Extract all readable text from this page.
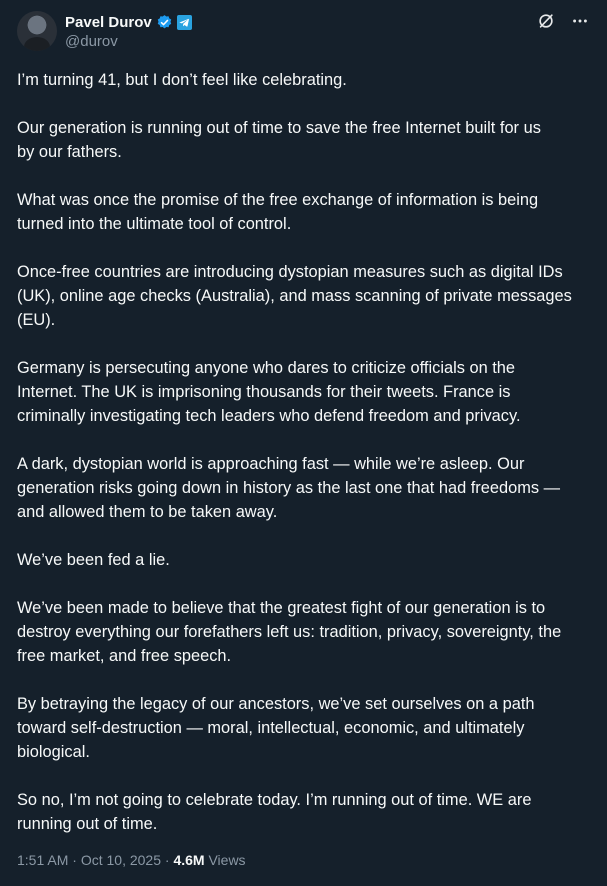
Pavel Durov
@durov

I’m turning 41, but I don’t feel like celebrating.

Our generation is running out of time to save the free Internet built for us
by our fathers.

What was once the promise of the free exchange of information is being
turned into the ultimate tool of control.

Once-free countries are introducing dystopian measures such as digital IDs
(UK), online age checks (Australia), and mass scanning of private messages
(EU).

Germany is persecuting anyone who dares to criticize officials on the
Internet. The UK is imprisoning thousands for their tweets. France is
criminally investigating tech leaders who defend freedom and privacy.

A dark, dystopian world is approaching fast — while we’re asleep. Our
generation risks going down in history as the last one that had freedoms —
and allowed them to be taken away.

We’ve been fed a lie.

We’ve been made to believe that the greatest fight of our generation is to
destroy everything our forefathers left us: tradition, privacy, sovereignty, the
free market, and free speech.

By betraying the legacy of our ancestors, we’ve set ourselves on a path
toward self-destruction — moral, intellectual, economic, and ultimately
biological.

So no, I’m not going to celebrate today. I’m running out of time. WE are
running out of time.

1:51 AM · Oct 10, 2025 · 4.6M Views
